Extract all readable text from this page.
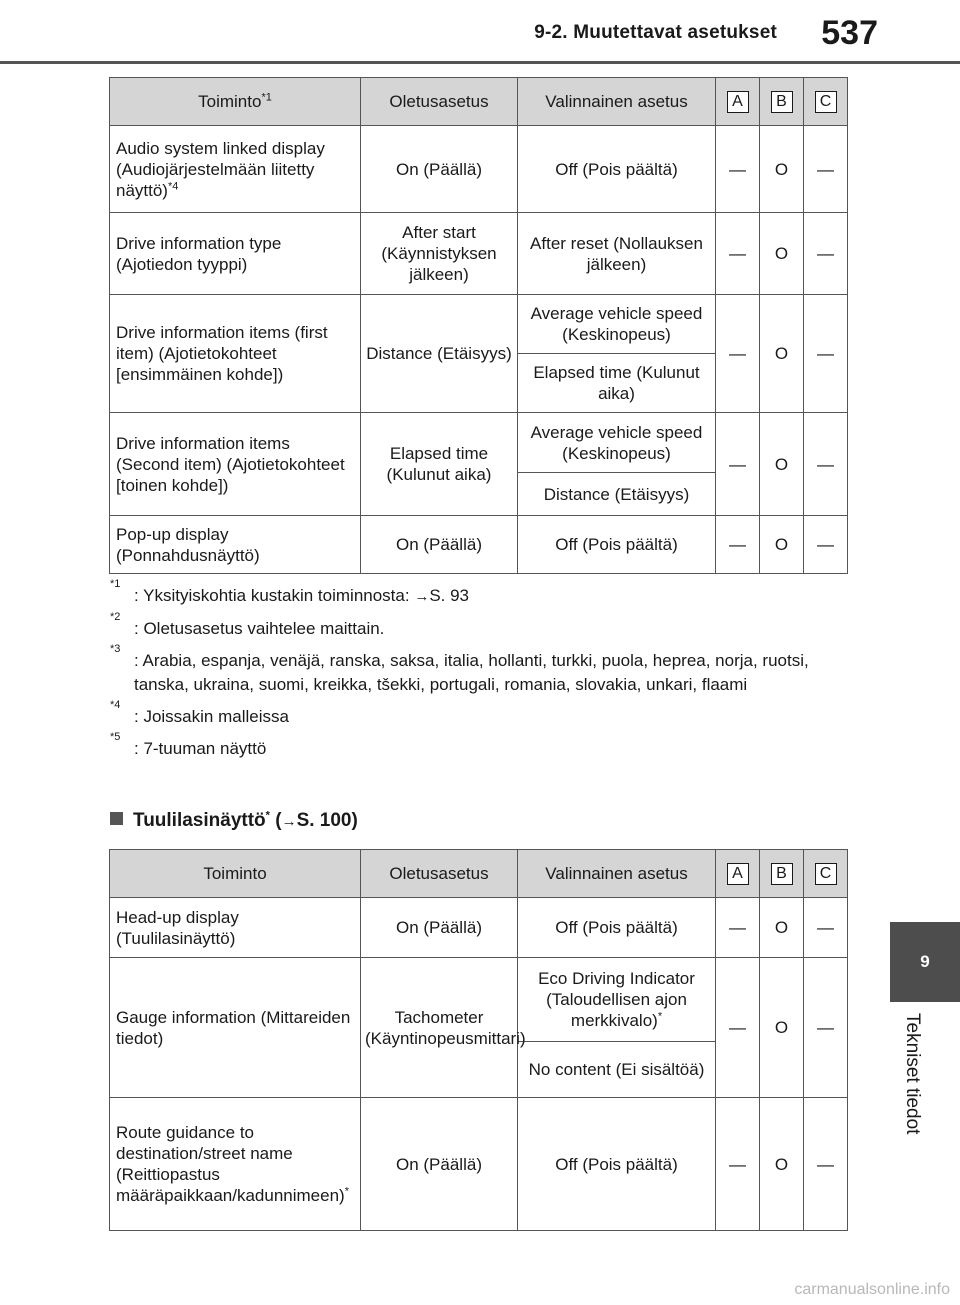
9-2. Muutettavat asetukset 537
9
Tekniset tiedot
Toiminto$^{*1}$	Oletusasetus	Valinnainen asetus	A	B	C
Audio system linked display (Audiojärjestelmään liitetty näyttö)$^{*4}$	On (Päällä)	Off (Pois päältä)	—	O	—
Drive information type (Ajotiedon tyyppi)	After start (Käynnistyksen jälkeen)	After reset (Nollauksen jälkeen)	—	O	—
Drive information items (first item) (Ajotietokohteet [ensimmäinen kohde])	Distance (Etäisyys)	Average vehicle speed (Keskinopeus)	—	O	—
		Elapsed time (Kulunut aika)			
Drive information items (Second item) (Ajotietokohteet [toinen kohde])	Elapsed time (Kulunut aika)	Average vehicle speed (Keskinopeus)	—	O	—
		Distance (Etäisyys)			
Pop-up display (Ponnahdusnäyttö)	On (Päällä)	Off (Pois päältä)	—	O	—
*1
: Yksityiskohtia kustakin toiminnosta: →S. 93
*2
: Oletusasetus vaihtelee maittain.
*3
: Arabia, espanja, venäjä, ranska, saksa, italia, hollanti, turkki, puola, heprea, norja, ruotsi, tanska, ukraina, suomi, kreikka, tšekki, portugali, romania, slovakia, unkari, flaami
*4
: Joissakin malleissa
*5
: 7-tuuman näyttö
Tuulilasinäyttö* (→S. 100)
Toiminto	Oletusasetus	Valinnainen asetus	A	B	C
Head-up display (Tuulilasinäyttö)	On (Päällä)	Off (Pois päältä)	—	O	—
Gauge information (Mittareiden tiedot)	Tachometer (Käyntinopeusmittari)	Eco Driving Indicator (Taloudellisen ajon merkkivalo)*	—	O	—
		No content (Ei sisältöä)			
Route guidance to destination/street name (Reittiopastus määräpaikkaan/kadunnimeen)*	On (Päällä)	Off (Pois päältä)	—	O	—
carmanualsonline.info
